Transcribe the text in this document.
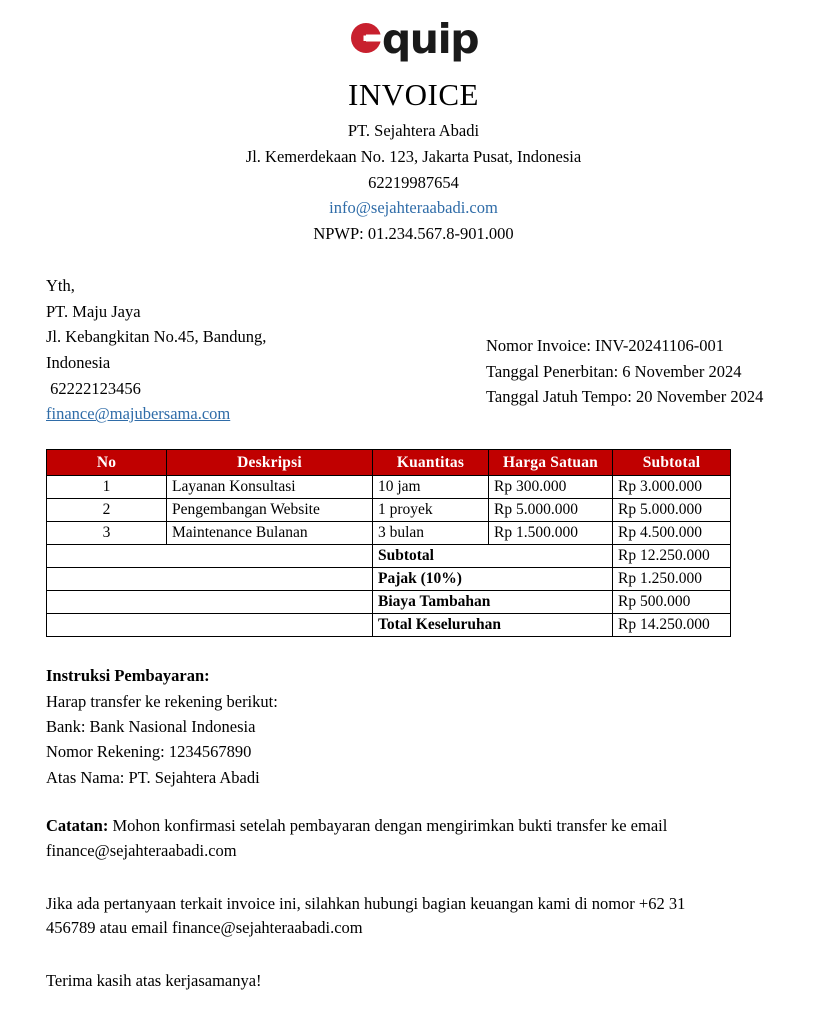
quip
INVOICE
PT. Sejahtera Abadi
Jl. Kemerdekaan No. 123, Jakarta Pusat, Indonesia
62219987654
info@sejahteraabadi.com
NPWP: 01.234.567.8-901.000
Yth,
PT. Maju Jaya
Jl. Kebangkitan No.45, Bandung,
Indonesia
62222123456
finance@majubersama.com
Nomor Invoice: INV-20241106-001
Tanggal Penerbitan: 6 November 2024
Tanggal Jatuh Tempo: 20 November 2024
No	Deskripsi	Kuantitas	Harga Satuan	Subtotal
1	Layanan Konsultasi	10 jam	Rp 300.000	Rp 3.000.000
2	Pengembangan Website	1 proyek	Rp 5.000.000	Rp 5.000.000
3	Maintenance Bulanan	3 bulan	Rp 1.500.000	Rp 4.500.000
		Subtotal		Rp 12.250.000
		Pajak (10%)		Rp 1.250.000
		Biaya Tambahan		Rp 500.000
		Total Keseluruhan		Rp 14.250.000
Instruksi Pembayaran:
Harap transfer ke rekening berikut:
Bank: Bank Nasional Indonesia
Nomor Rekening: 1234567890
Atas Nama: PT. Sejahtera Abadi
Catatan: Mohon konfirmasi setelah pembayaran dengan mengirimkan bukti transfer ke email finance@sejahteraabadi.com
Jika ada pertanyaan terkait invoice ini, silahkan hubungi bagian keuangan kami di nomor +62 31 456789 atau email finance@sejahteraabadi.com
Terima kasih atas kerjasamanya!
